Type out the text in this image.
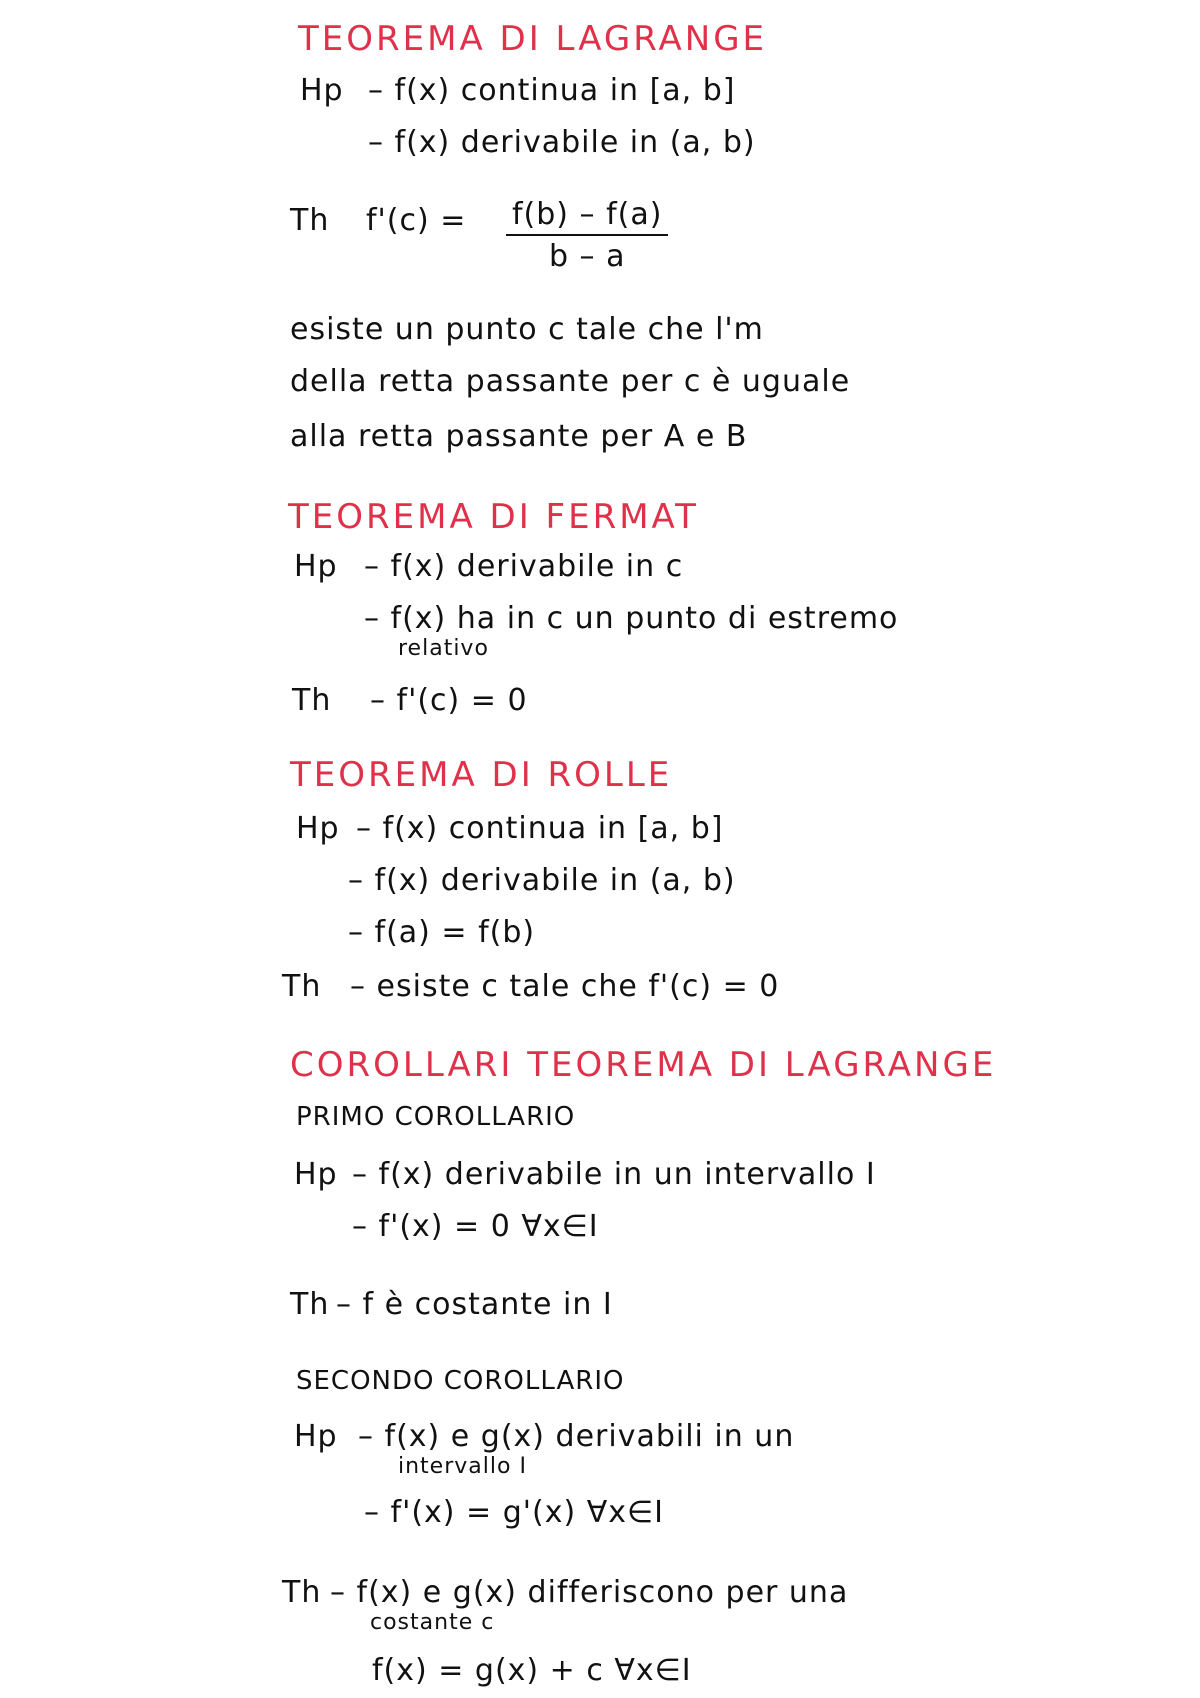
TEOREMA DI LAGRANGE
Hp – f(x) continua in [a, b]
– f(x) derivabile in (a, b)
Th $f'(c) = \frac{f(b) - f(a)}{b - a}$
esiste un punto c tale che l'm
della retta passante per c è uguale
alla retta passante per A e B
TEOREMA DI FERMAT
Hp – f(x) derivabile in c
– f(x) ha in c un punto di estremo
relativo
Th – f'(c) = 0
TEOREMA DI ROLLE
Hp – f(x) continua in [a, b]
– f(x) derivabile in (a, b)
– f(a) = f(b)
Th – esiste c tale che f'(c) = 0
COROLLARI TEOREMA DI LAGRANGE
PRIMO COROLLARIO
Hp – f(x) derivabile in un intervallo I
– f'(x) = 0 ∀x∈I
Th – f è costante in I
SECONDO COROLLARIO
Hp – f(x) e g(x) derivabili in un
intervallo I
– f'(x) = g'(x) ∀x∈I
Th – f(x) e g(x) differiscono per una
costante c
f(x) = g(x) + c ∀x∈I
